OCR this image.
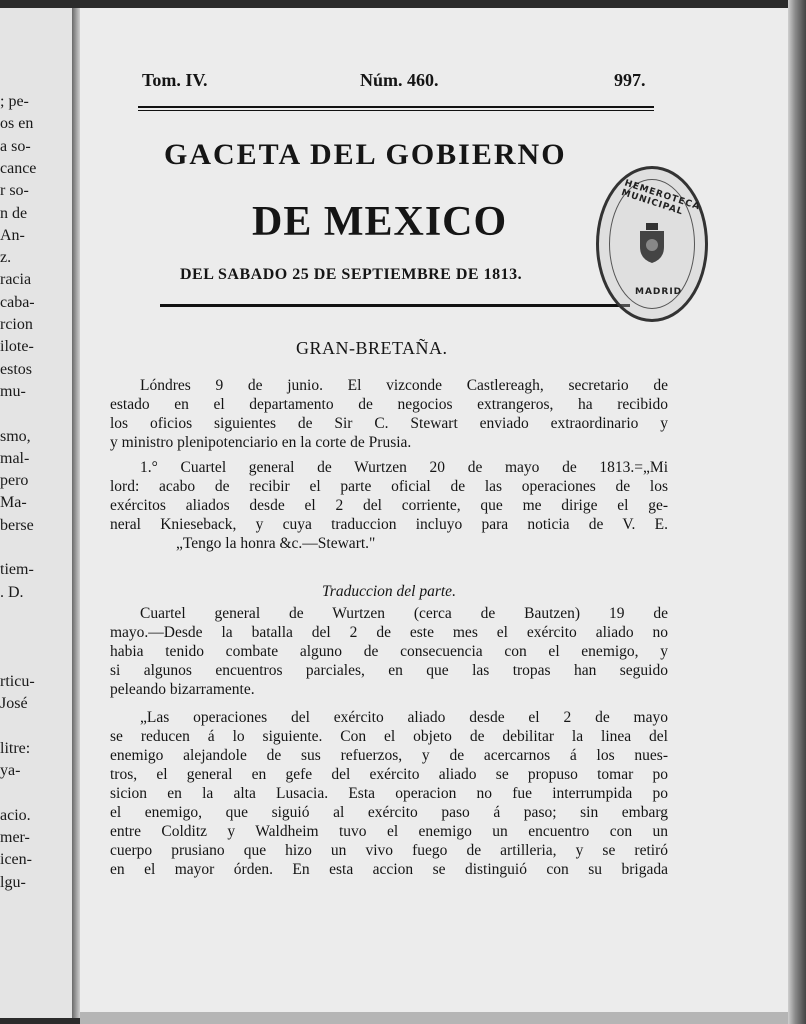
; pe-
os en
a so-
cance
r so-
n de
An-
z.
racia
caba-
rcion
ilote-
estos
mu-
smo,
mal-
pero
Ma-
berse
tiem-
. D.
rticu-
José
litre:
ya-
acio.
mer-
icen-
lgu-
Tom. IV.	Núm. 460.	997.
GACETA DEL GOBIERNO
DE MEXICO
DEL SABADO 25 DE SEPTIEMBRE DE 1813.
HEMEROTECA MUNICIPAL
MADRID
GRAN-BRETAÑA.
Lóndres 9 de junio. El vizconde Castlereagh, secretario de
estado en el departamento de negocios extrangeros, ha recibido
los oficios siguientes de Sir C. Stewart enviado extraordinario y
y ministro plenipotenciario en la corte de Prusia.
1.° Cuartel general de Wurtzen 20 de mayo de 1813.=„Mi
lord: acabo de recibir el parte oficial de las operaciones de los
exércitos aliados desde el 2 del corriente, que me dirige el ge-
neral Knieseback, y cuya traduccion incluyo para noticia de V. E.
„Tengo la honra &c.—Stewart."
Traduccion del parte.
Cuartel general de Wurtzen (cerca de Bautzen) 19 de
mayo.—Desde la batalla del 2 de este mes el exército aliado no
habia tenido combate alguno de consecuencia con el enemigo, y
si algunos encuentros parciales, en que las tropas han seguido
peleando bizarramente.
„Las operaciones del exército aliado desde el 2 de mayo
se reducen á lo siguiente. Con el objeto de debilitar la linea del
enemigo alejandole de sus refuerzos, y de acercarnos á los nues-
tros, el general en gefe del exército aliado se propuso tomar po
sicion en la alta Lusacia. Esta operacion no fue interrumpida po
el enemigo, que siguió al exército paso á paso; sin embarg
entre Colditz y Waldheim tuvo el enemigo un encuentro con un
cuerpo prusiano que hizo un vivo fuego de artilleria, y se retiró
en el mayor órden. En esta accion se distinguió con su brigada
